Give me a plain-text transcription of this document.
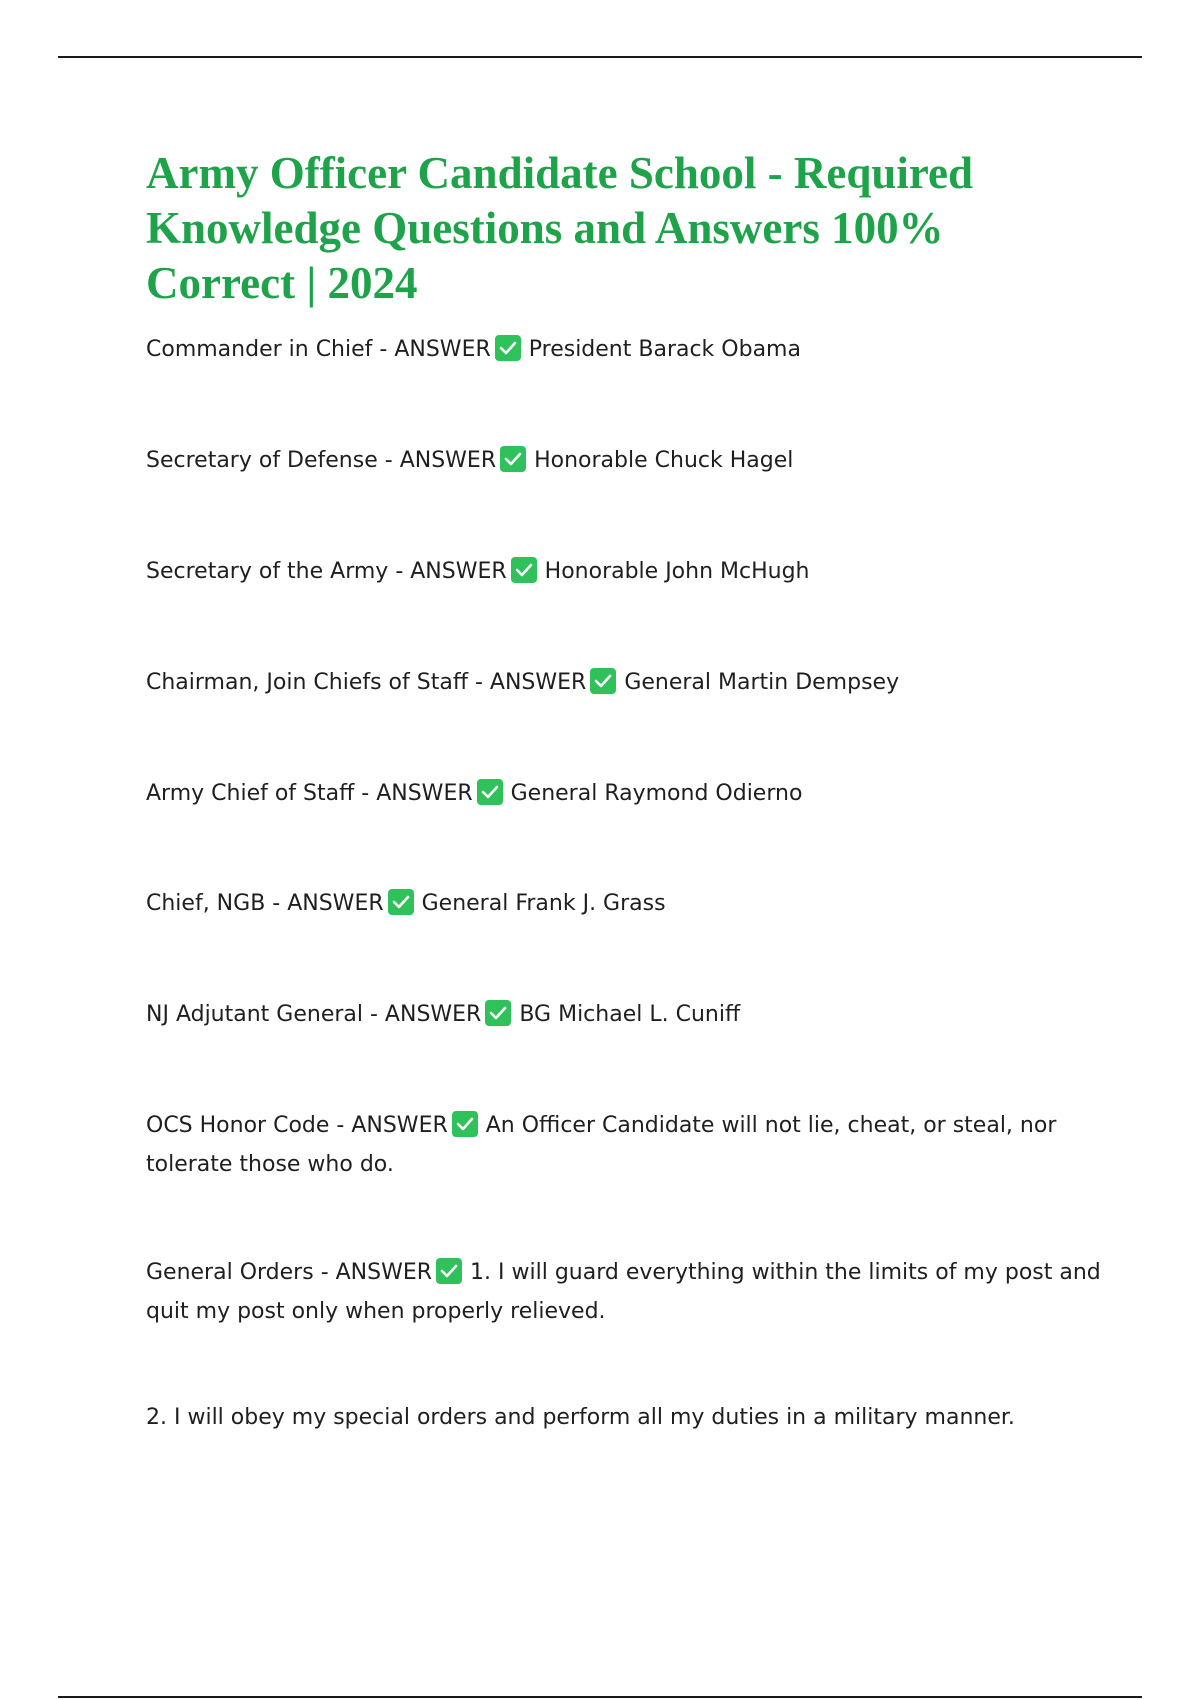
Army Officer Candidate School - Required Knowledge Questions and Answers 100% Correct | 2024

Commander in Chief - ANSWER President Barack Obama

Secretary of Defense - ANSWER Honorable Chuck Hagel

Secretary of the Army - ANSWER Honorable John McHugh

Chairman, Join Chiefs of Staff - ANSWER General Martin Dempsey

Army Chief of Staff - ANSWER General Raymond Odierno

Chief, NGB - ANSWER General Frank J. Grass

NJ Adjutant General - ANSWER BG Michael L. Cuniff

OCS Honor Code - ANSWER An Officer Candidate will not lie, cheat, or steal, nor tolerate those who do.

General Orders - ANSWER 1. I will guard everything within the limits of my post and quit my post only when properly relieved.

2. I will obey my special orders and perform all my duties in a military manner.
